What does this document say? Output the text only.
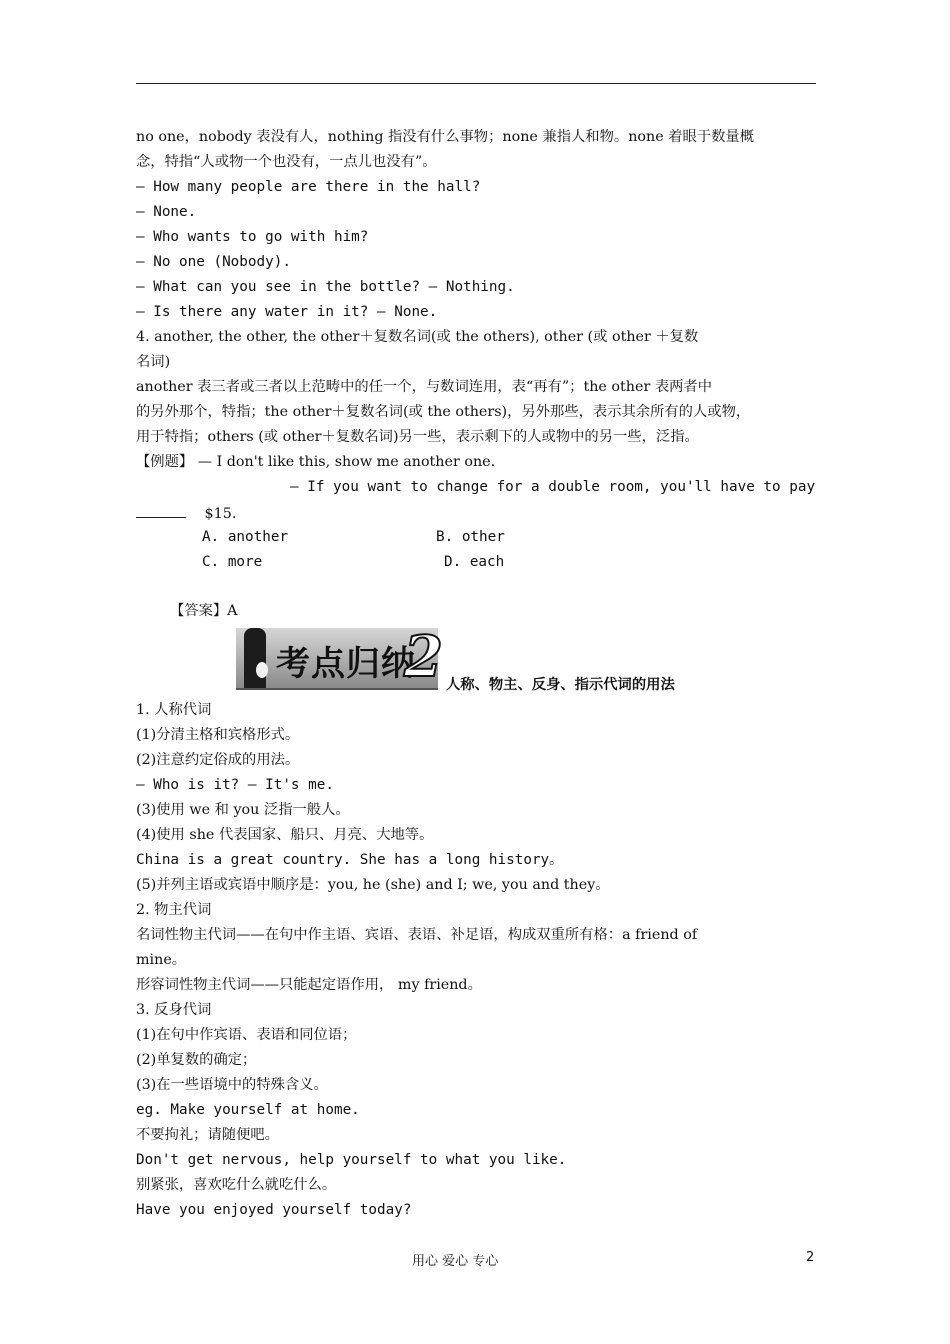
no one，nobody 表没有人，nothing 指没有什么事物；none 兼指人和物。none 着眼于数量概
念，特指“人或物一个也没有，一点儿也没有”。
— How many people are there in the hall?
— None.
— Who wants to go with him?
— No one (Nobody).
— What can you see in the bottle? — Nothing.
— Is there any water in it? — None.
4. another, the other, the other＋复数名词(或 the others), other (或 other ＋复数
名词)
another 表三者或三者以上范畴中的任一个，与数词连用，表“再有”；the other 表两者中
的另外那个，特指；the other＋复数名词(或 the others)，另外那些，表示其余所有的人或物，
用于特指；others (或 other＋复数名词)另一些，表示剩下的人或物中的另一些，泛指。
【例题】 — I don't like this, show me another one.
— If you want to change for a double room, you'll have to pay
$15.
A. another	B. other
C. more	D. each
【答案】A
考点归纳
2 人称、物主、反身、指示代词的用法
1. 人称代词
(1)分清主格和宾格形式。
(2)注意约定俗成的用法。
— Who is it? — It's me.
(3)使用 we 和 you 泛指一般人。
(4)使用 she 代表国家、船只、月亮、大地等。
China is a great country. She has a long history。
(5)并列主语或宾语中顺序是：you, he (she) and I; we, you and they。
2. 物主代词
名词性物主代词——在句中作主语、宾语、表语、补足语，构成双重所有格：a friend of
mine。
形容词性物主代词——只能起定语作用， my friend。
3. 反身代词
(1)在句中作宾语、表语和同位语；
(2)单复数的确定；
(3)在一些语境中的特殊含义。
eg. Make yourself at home.
不要拘礼；请随便吧。
Don't get nervous, help yourself to what you like.
别紧张，喜欢吃什么就吃什么。
Have you enjoyed yourself today?
用心 爱心 专心	2
